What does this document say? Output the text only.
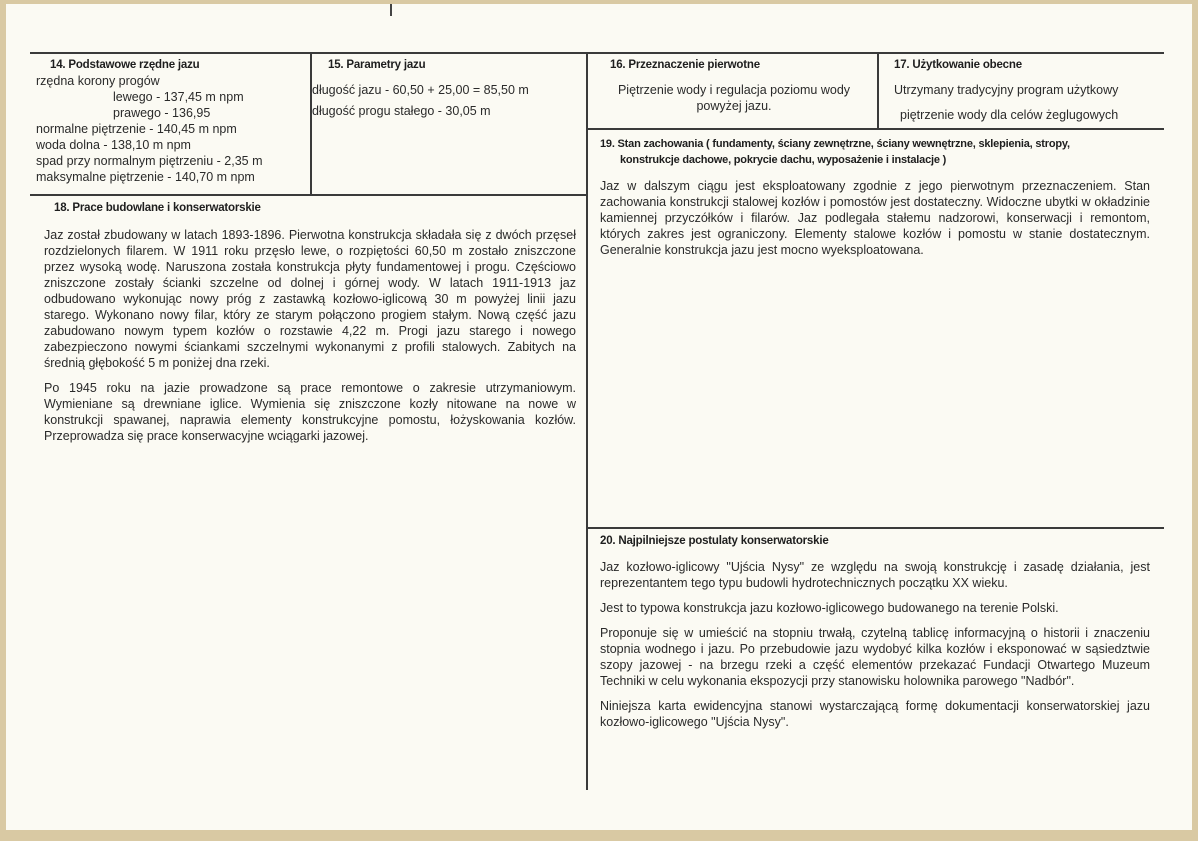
14. Podstawowe rzędne jazu
rzędna korony progów
lewego - 137,45 m npm
prawego - 136,95
normalne piętrzenie - 140,45 m npm
woda dolna - 138,10 m npm
spad przy normalnym piętrzeniu - 2,35 m
maksymalne piętrzenie - 140,70 m npm
15. Parametry jazu
długość jazu - 60,50 + 25,00 = 85,50 m
długość progu stałego - 30,05 m
16. Przeznaczenie pierwotne
Piętrzenie wody i regulacja poziomu wody powyżej jazu.
17. Użytkowanie obecne
Utrzymany tradycyjny program użytkowy
piętrzenie wody dla celów żeglugowych
18. Prace budowlane i konserwatorskie

Jaz został zbudowany w latach 1893-1896. Pierwotna konstrukcja składała się z dwóch przęseł rozdzielonych filarem. W 1911 roku przęsło lewe, o rozpiętości 60,50 m zostało zniszczone przez wysoką wodę. Naruszona została konstrukcja płyty fundamentowej i progu. Częściowo zniszczone zostały ścianki szczelne od dolnej i górnej wody. W latach 1911-1913 jaz odbudowano wykonując nowy próg z zastawką kozłowo-iglicową 30 m powyżej linii jazu starego. Wykonano nowy filar, który ze starym połączono progiem stałym. Nową część jazu zabudowano nowym typem kozłów o rozstawie 4,22 m. Progi jazu starego i nowego zabezpieczono nowymi ściankami szczelnymi wykonanymi z profili stalowych. Zabitych na średnią głębokość 5 m poniżej dna rzeki.

Po 1945 roku na jazie prowadzone są prace remontowe o zakresie utrzymaniowym. Wymieniane są drewniane iglice. Wymienia się zniszczone kozły nitowane na nowe w konstrukcji spawanej, naprawia elementy konstrukcyjne pomostu, łożyskowania kozłów. Przeprowadza się prace konserwacyjne wciągarki jazowej.

19. Stan zachowania ( fundamenty, ściany zewnętrzne, ściany wewnętrzne, sklepienia, stropy,
konstrukcje dachowe, pokrycie dachu, wyposażenie i instalacje )

Jaz w dalszym ciągu jest eksploatowany zgodnie z jego pierwotnym przeznaczeniem. Stan zachowania konstrukcji stalowej kozłów i pomostów jest dostateczny. Widoczne ubytki w okładzinie kamiennej przyczółków i filarów. Jaz podlegała stałemu nadzorowi, konserwacji i remontom, których zakres jest ograniczony. Elementy stalowe kozłów i pomostu w stanie dostatecznym. Generalnie konstrukcja jazu jest mocno wyeksploatowana.

20. Najpilniejsze postulaty konserwatorskie

Jaz kozłowo-iglicowy "Ujścia Nysy" ze względu na swoją konstrukcję i zasadę działania, jest reprezentantem tego typu budowli hydrotechnicznych początku XX wieku.

Jest to typowa konstrukcja jazu kozłowo-iglicowego budowanego na terenie Polski.

Proponuje się w umieścić na stopniu trwałą, czytelną tablicę informacyjną o historii i znaczeniu stopnia wodnego i jazu. Po przebudowie jazu wydobyć kilka kozłów i eksponować w sąsiedztwie szopy jazowej - na brzegu rzeki a część elementów przekazać Fundacji Otwartego Muzeum Techniki w celu wykonania ekspozycji przy stanowisku holownika parowego "Nadbór".

Niniejsza karta ewidencyjna stanowi wystarczającą formę dokumentacji konserwatorskiej jazu kozłowo-iglicowego "Ujścia Nysy".
